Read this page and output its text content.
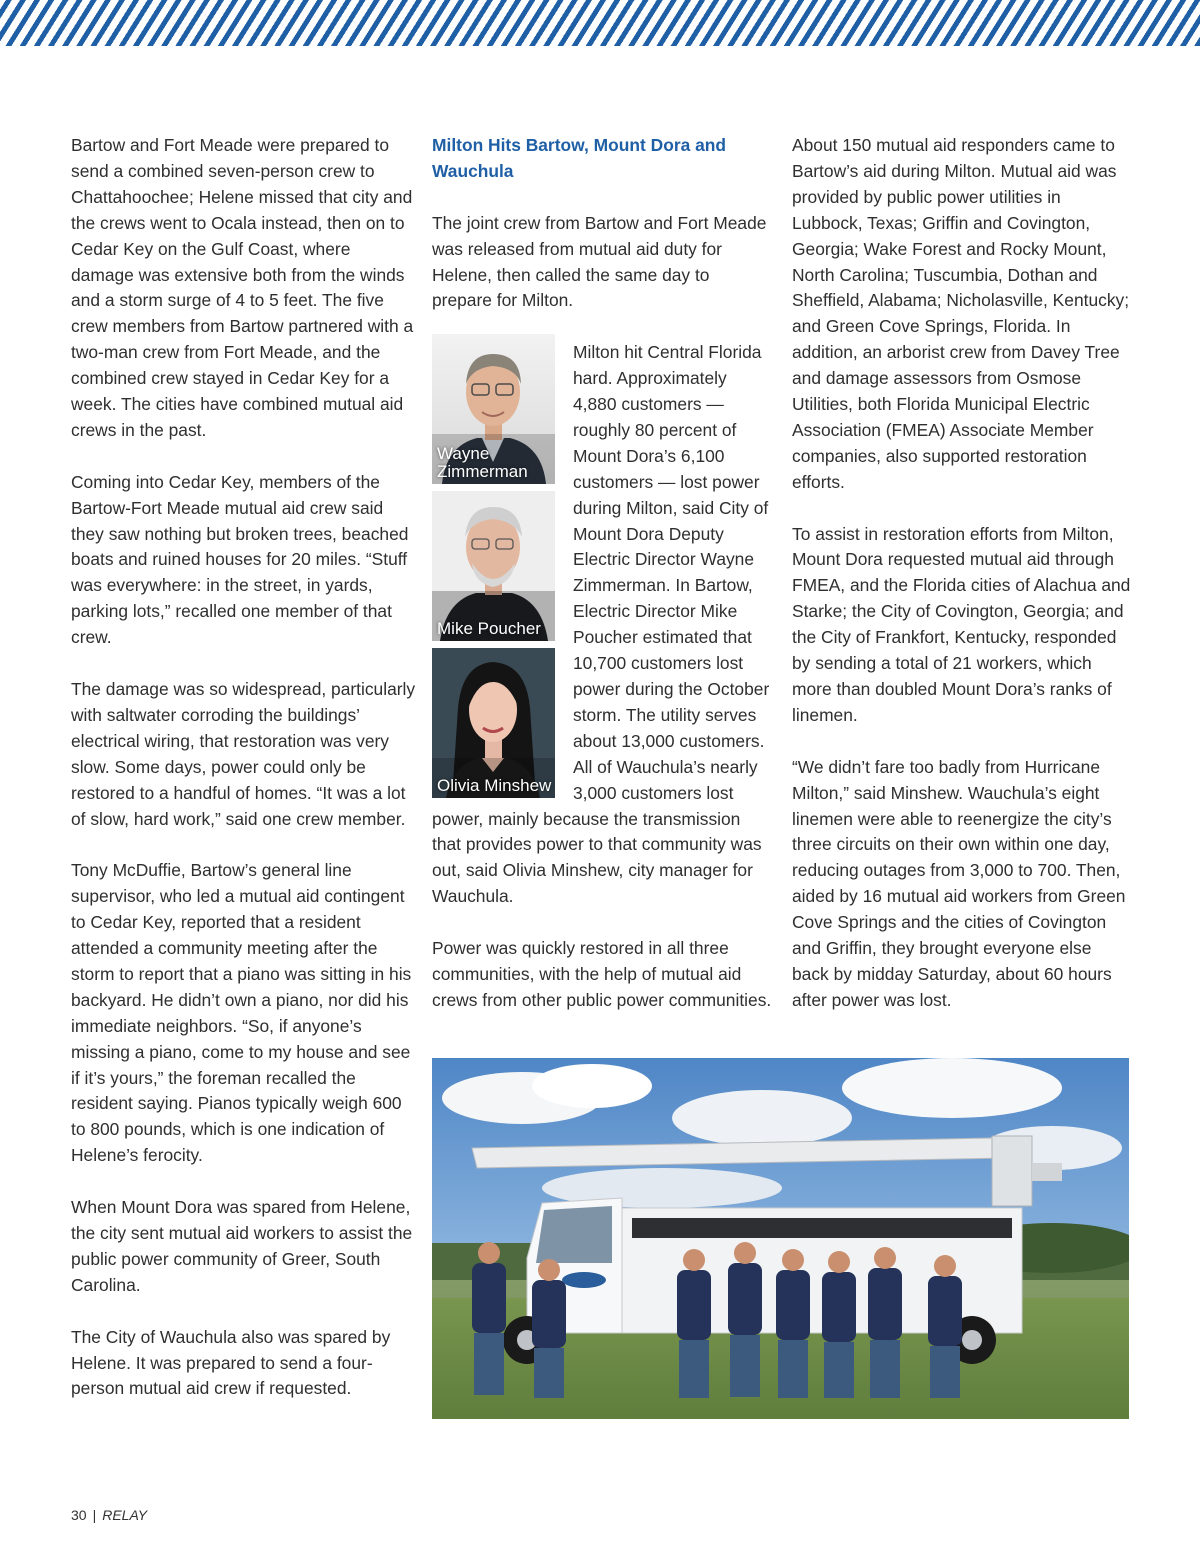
Bartow and Fort Meade were prepared to send a combined seven-person crew to Chattahoochee; Helene missed that city and the crews went to Ocala instead, then on to Cedar Key on the Gulf Coast, where damage was extensive both from the winds and a storm surge of 4 to 5 feet. The five crew members from Bartow partnered with a two-man crew from Fort Meade, and the combined crew stayed in Cedar Key for a week. The cities have combined mutual aid crews in the past.

Coming into Cedar Key, members of the Bartow-Fort Meade mutual aid crew said they saw nothing but broken trees, beached boats and ruined houses for 20 miles. “Stuff was everywhere: in the street, in yards, parking lots,” recalled one member of that crew.

The damage was so widespread, particularly with saltwater corroding the buildings’ electrical wiring, that restoration was very slow. Some days, power could only be restored to a handful of homes. “It was a lot of slow, hard work,” said one crew member.

Tony McDuffie, Bartow’s general line supervisor, who led a mutual aid contingent to Cedar Key, reported that a resident attended a community meeting after the storm to report that a piano was sitting in his backyard. He didn’t own a piano, nor did his immediate neighbors. “So, if anyone’s missing a piano, come to my house and see if it’s yours,” the foreman recalled the resident saying. Pianos typically weigh 600 to 800 pounds, which is one indication of Helene’s ferocity.

When Mount Dora was spared from Helene, the city sent mutual aid workers to assist the public power community of Greer, South Carolina.

The City of Wauchula also was spared by Helene. It was prepared to send a four-person mutual aid crew if requested.

Milton Hits Bartow, Mount Dora and Wauchula

The joint crew from Bartow and Fort Meade was released from mutual aid duty for Helene, then called the same day to prepare for Milton.

Wayne Zimmerman
Mike Poucher
Olivia Minshew

Milton hit Central Florida hard. Approximately 4,880 customers — roughly 80 percent of Mount Dora’s 6,100 customers — lost power during Milton, said City of Mount Dora Deputy Electric Director Wayne Zimmerman. In Bartow, Electric Director Mike Poucher estimated that 10,700 customers lost power during the October storm. The utility serves about 13,000 customers. All of Wauchula’s nearly 3,000 customers lost power, mainly because the transmission that provides power to that community was out, said Olivia Minshew, city manager for Wauchula.

Power was quickly restored in all three communities, with the help of mutual aid crews from other public power communities.

About 150 mutual aid responders came to Bartow’s aid during Milton. Mutual aid was provided by public power utilities in Lubbock, Texas; Griffin and Covington, Georgia; Wake Forest and Rocky Mount, North Carolina; Tuscumbia, Dothan and Sheffield, Alabama; Nicholasville, Kentucky; and Green Cove Springs, Florida. In addition, an arborist crew from Davey Tree and damage assessors from Osmose Utilities, both Florida Municipal Electric Association (FMEA) Associate Member companies, also supported restoration efforts.

To assist in restoration efforts from Milton, Mount Dora requested mutual aid through FMEA, and the Florida cities of Alachua and Starke; the City of Covington, Georgia; and the City of Frankfort, Kentucky, responded by sending a total of 21 workers, which more than doubled Mount Dora’s ranks of linemen.

“We didn’t fare too badly from Hurricane Milton,” said Minshew. Wauchula’s eight linemen were able to reenergize the city’s three circuits on their own within one day, reducing outages from 3,000 to 700. Then, aided by 16 mutual aid workers from Green Cove Springs and the cities of Covington and Griffin, they brought everyone else back by midday Saturday, about 60 hours after power was lost.

30 | RELAY
